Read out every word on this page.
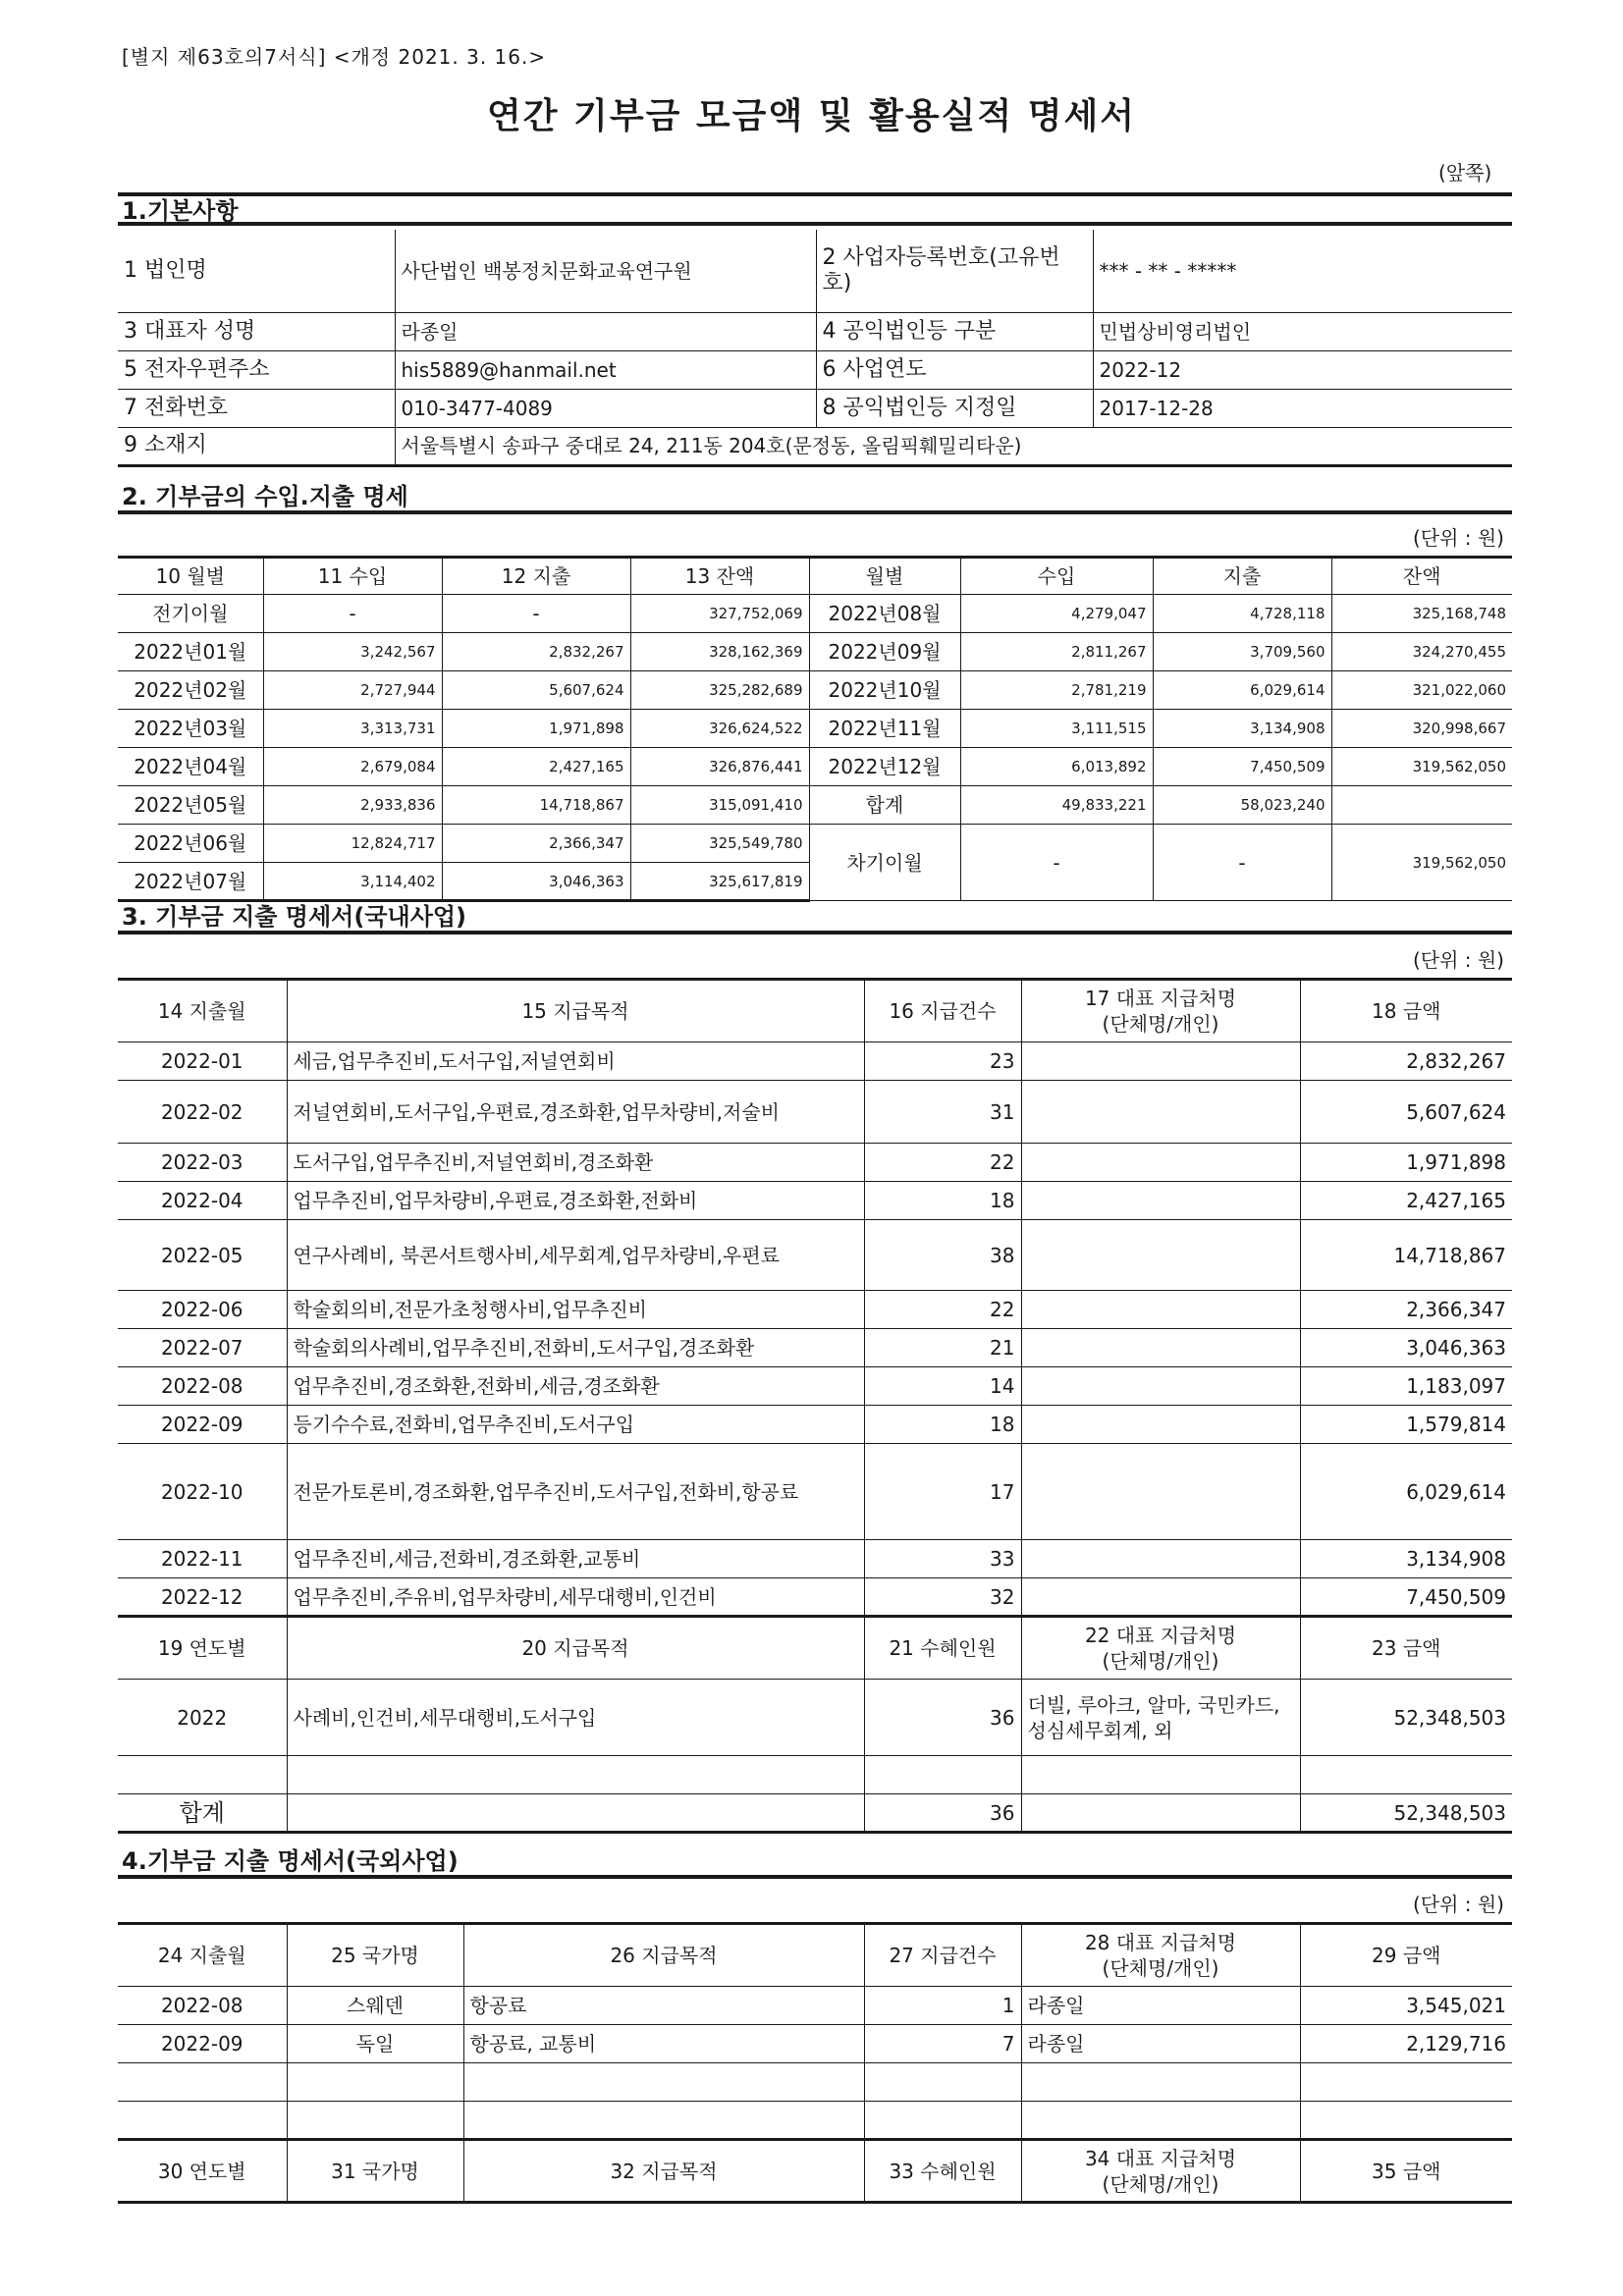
[별지 제63호의7서식] <개정 2021. 3. 16.>
연간 기부금 모금액 및 활용실적 명세서
(앞쪽)
1.기본사항
1 법인명	사단법인 백봉정치문화교육연구원	2 사업자등록번호(고유번호)	*** - ** - *****
3 대표자 성명	라종일	4 공익법인등 구분	민법상비영리법인
5 전자우편주소	his5889@hanmail.net	6 사업연도	2022-12
7 전화번호	010-3477-4089	8 공익법인등 지정일	2017-12-28
9 소재지	서울특별시 송파구 중대로 24, 211동 204호(문정동, 올림픽훼밀리타운)		
2. 기부금의 수입.지출 명세
(단위 : 원)
10 월별	11 수입	12 지출	13 잔액	월별	수입	지출	잔액
전기이월	-	-	327,752,069	2022년08월	4,279,047	4,728,118	325,168,748
2022년01월	3,242,567	2,832,267	328,162,369	2022년09월	2,811,267	3,709,560	324,270,455
2022년02월	2,727,944	5,607,624	325,282,689	2022년10월	2,781,219	6,029,614	321,022,060
2022년03월	3,313,731	1,971,898	326,624,522	2022년11월	3,111,515	3,134,908	320,998,667
2022년04월	2,679,084	2,427,165	326,876,441	2022년12월	6,013,892	7,450,509	319,562,050
2022년05월	2,933,836	14,718,867	315,091,410	합계	49,833,221	58,023,240	
2022년06월	12,824,717	2,366,347	325,549,780	차기이월	-	-	319,562,050
2022년07월	3,114,402	3,046,363	325,617,819				
3. 기부금 지출 명세서(국내사업)
(단위 : 원)
14 지출월	15 지급목적	16 지급건수	17 대표 지급처명
(단체명/개인)	18 금액
2022-01	세금,업무추진비,도서구입,저널연회비	23		2,832,267
2022-02	저널연회비,도서구입,우편료,경조화환,업무차량비,저술비	31		5,607,624
2022-03	도서구입,업무추진비,저널연회비,경조화환	22		1,971,898
2022-04	업무추진비,업무차량비,우편료,경조화환,전화비	18		2,427,165
2022-05	연구사례비, 북콘서트행사비,세무회계,업무차량비,우편료	38		14,718,867
2022-06	학술회의비,전문가초청행사비,업무추진비	22		2,366,347
2022-07	학술회의사례비,업무추진비,전화비,도서구입,경조화환	21		3,046,363
2022-08	업무추진비,경조화환,전화비,세금,경조화환	14		1,183,097
2022-09	등기수수료,전화비,업무추진비,도서구입	18		1,579,814
2022-10	전문가토론비,경조화환,업무추진비,도서구입,전화비,항공료	17		6,029,614
2022-11	업무추진비,세금,전화비,경조화환,교통비	33		3,134,908
2022-12	업무추진비,주유비,업무차량비,세무대행비,인건비	32		7,450,509
19 연도별	20 지급목적	21 수혜인원	22 대표 지급처명
(단체명/개인)	23 금액
2022	사례비,인건비,세무대행비,도서구입	36	더빌, 루아크, 알마, 국민카드, 성심세무회계, 외	52,348,503

합계		36		52,348,503
4.기부금 지출 명세서(국외사업)
(단위 : 원)
24 지출월	25 국가명	26 지급목적	27 지급건수	28 대표 지급처명
(단체명/개인)	29 금액
2022-08	스웨덴	항공료	1	라종일	3,545,021
2022-09	독일	항공료, 교통비	7	라종일	2,129,716

30 연도별	31 국가명	32 지급목적	33 수혜인원	34 대표 지급처명
(단체명/개인)	35 금액
